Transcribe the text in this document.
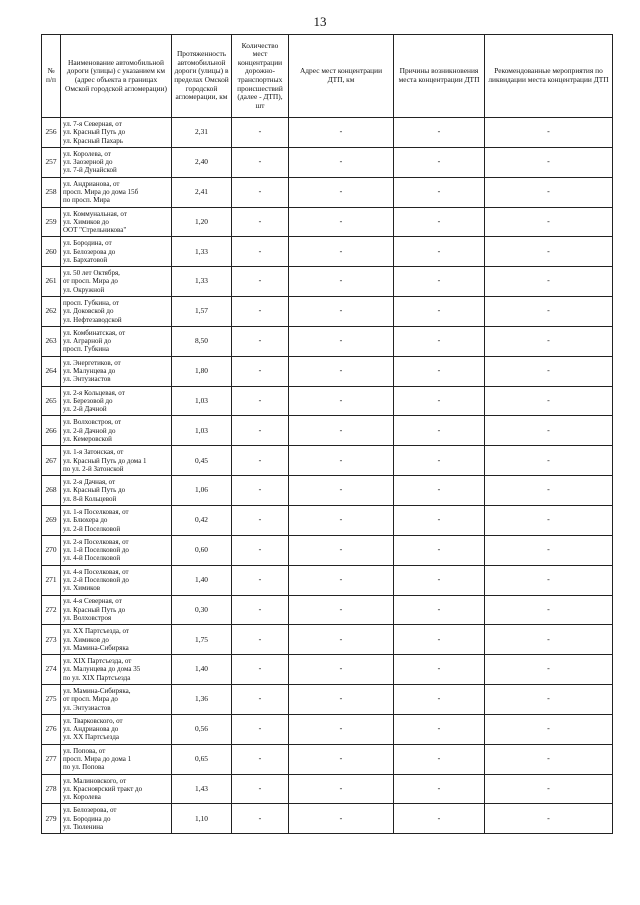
13
№ п/п	Наименование автомобильной дороги (улицы) с указанием км (адрес объекта в границах Омской городской агломерации)	Протяженность автомобильной дороги (улицы) в пределах Омской городской агломерации, км	Количество мест концентрации дорожно-транспортных происшествий (далее - ДТП), шт	Адрес мест концентрации ДТП, км	Причины возникновения места концентрации ДТП	Рекомендованные мероприятия по ликвидации места концентрации ДТП
256	ул. 7-я Северная, от
ул. Красный Путь до
ул. Красный Пахарь	2,31	-	-	-	-
257	ул. Королева, от
ул. Заозерной до
ул. 7-й Дунайской	2,40	-	-	-	-
258	ул. Андрианова, от
просп. Мира до дома 15б
по просп. Мира	2,41	-	-	-	-
259	ул. Коммунальная, от
ул. Химиков до
ООТ "Стрельникова"	1,20	-	-	-	-
260	ул. Бородина, от
ул. Белозерова до
ул. Бархатовой	1,33	-	-	-	-
261	ул. 50 лет Октября,
от просп. Мира до
ул. Окружной	1,33	-	-	-	-
262	просп. Губкина, от
ул. Доковской до
ул. Нефтезаводской	1,57	-	-	-	-
263	ул. Комбинатская, от
ул. Аграрной до
просп. Губкина	8,50	-	-	-	-
264	ул. Энергетиков, от
ул. Малунцева до
ул. Энтузиастов	1,80	-	-	-	-
265	ул. 2-я Кольцевая, от
ул. Березовой до
ул. 2-й Дачной	1,03	-	-	-	-
266	ул. Волховстроя, от
ул. 2-й Дачной до
ул. Кемеровской	1,03	-	-	-	-
267	ул. 1-я Затонская, от
ул. Красный Путь до дома 1
по ул. 2-й Затонской	0,45	-	-	-	-
268	ул. 2-я Дачная, от
ул. Красный Путь до
ул. 8-й Кольцевой	1,06	-	-	-	-
269	ул. 1-я Поселковая, от
ул. Блюхера до
ул. 2-й Поселковой	0,42	-	-	-	-
270	ул. 2-я Поселковая, от
ул. 1-й Поселковой до
ул. 4-й Поселковой	0,60	-	-	-	-
271	ул. 4-я Поселковая, от
ул. 2-й Поселковой до
ул. Химиков	1,40	-	-	-	-
272	ул. 4-я Северная, от
ул. Красный Путь до
ул. Волховстроя	0,30	-	-	-	-
273	ул. XX Партсъезда, от
ул. Химиков до
ул. Мамина-Сибиряка	1,75	-	-	-	-
274	ул. XIX Партсъезда, от
ул. Малунцева до дома 35
по ул. XIX Партсъезда	1,40	-	-	-	-
275	ул. Мамина-Сибиряка,
от просп. Мира до
ул. Энтузиастов	1,36	-	-	-	-
276	ул. Тварковского, от
ул. Андрианова до
ул. XX Партсъезда	0,56	-	-	-	-
277	ул. Попова, от
просп. Мира до дома 1
по ул. Попова	0,65	-	-	-	-
278	ул. Малиновского, от
ул. Красноярский тракт до
ул. Королева	1,43	-	-	-	-
279	ул. Белозерова, от
ул. Бородина до
ул. Тюленина	1,10	-	-	-	-
